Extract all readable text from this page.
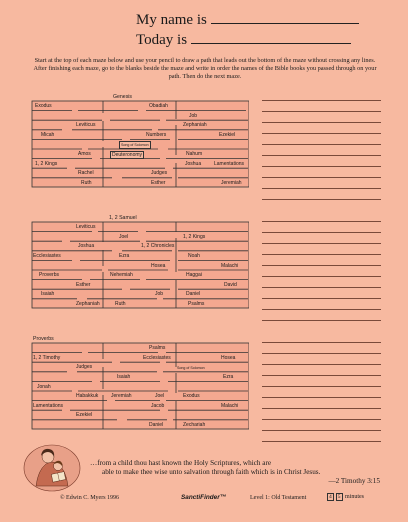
My name is
Today is
Start at the top of each maze below and use your pencil to draw a path that leads out the bottom of the maze without crossing any lines. After finishing each maze, go to the blanks beside the maze and write in order the names of the Bible books you passed through on your path. Then do the next maze.
Genesis
Exodus	Obadiah
Job
Leviticus	Zephaniah
Micah	Numbers	Ezekiel
Song of Solomon
Amos	Deuteronomy	Nahum
1, 2 Kings	Joshua	Lamentations
Rachel	Judges
Ruth	Esther	Jeremiah
1, 2 Samuel
Leviticus
Joel	1, 2 Kings
Joshua	1, 2 Chronicles
Ecclesiastes	Ezra	Noah
Hosea	Malachi
Proverbs	Nehemiah	Haggai
Esther	David
Isaiah	Job	Daniel
Zephaniah	Ruth	Psalms
Proverbs
Psalms
1, 2 Timothy	Ecclesiastes	Hosea
Judges	Song of Solomon
Isaiah	Ezra
Jonah
Habakkuk	Jeremiah	Joel	Exodus
Lamentations	Jacob	Malachi
Ezekiel
Daniel	Zechariah
…from a child thou hast known the Holy Scriptures, which are
able to make thee wise unto salvation through faith which is in Christ Jesus.
—2 Timothy 3:15
© Edwin C. Myers 1996	SanctiFinder™	Level 1: Old Testament	4 5 minutes
